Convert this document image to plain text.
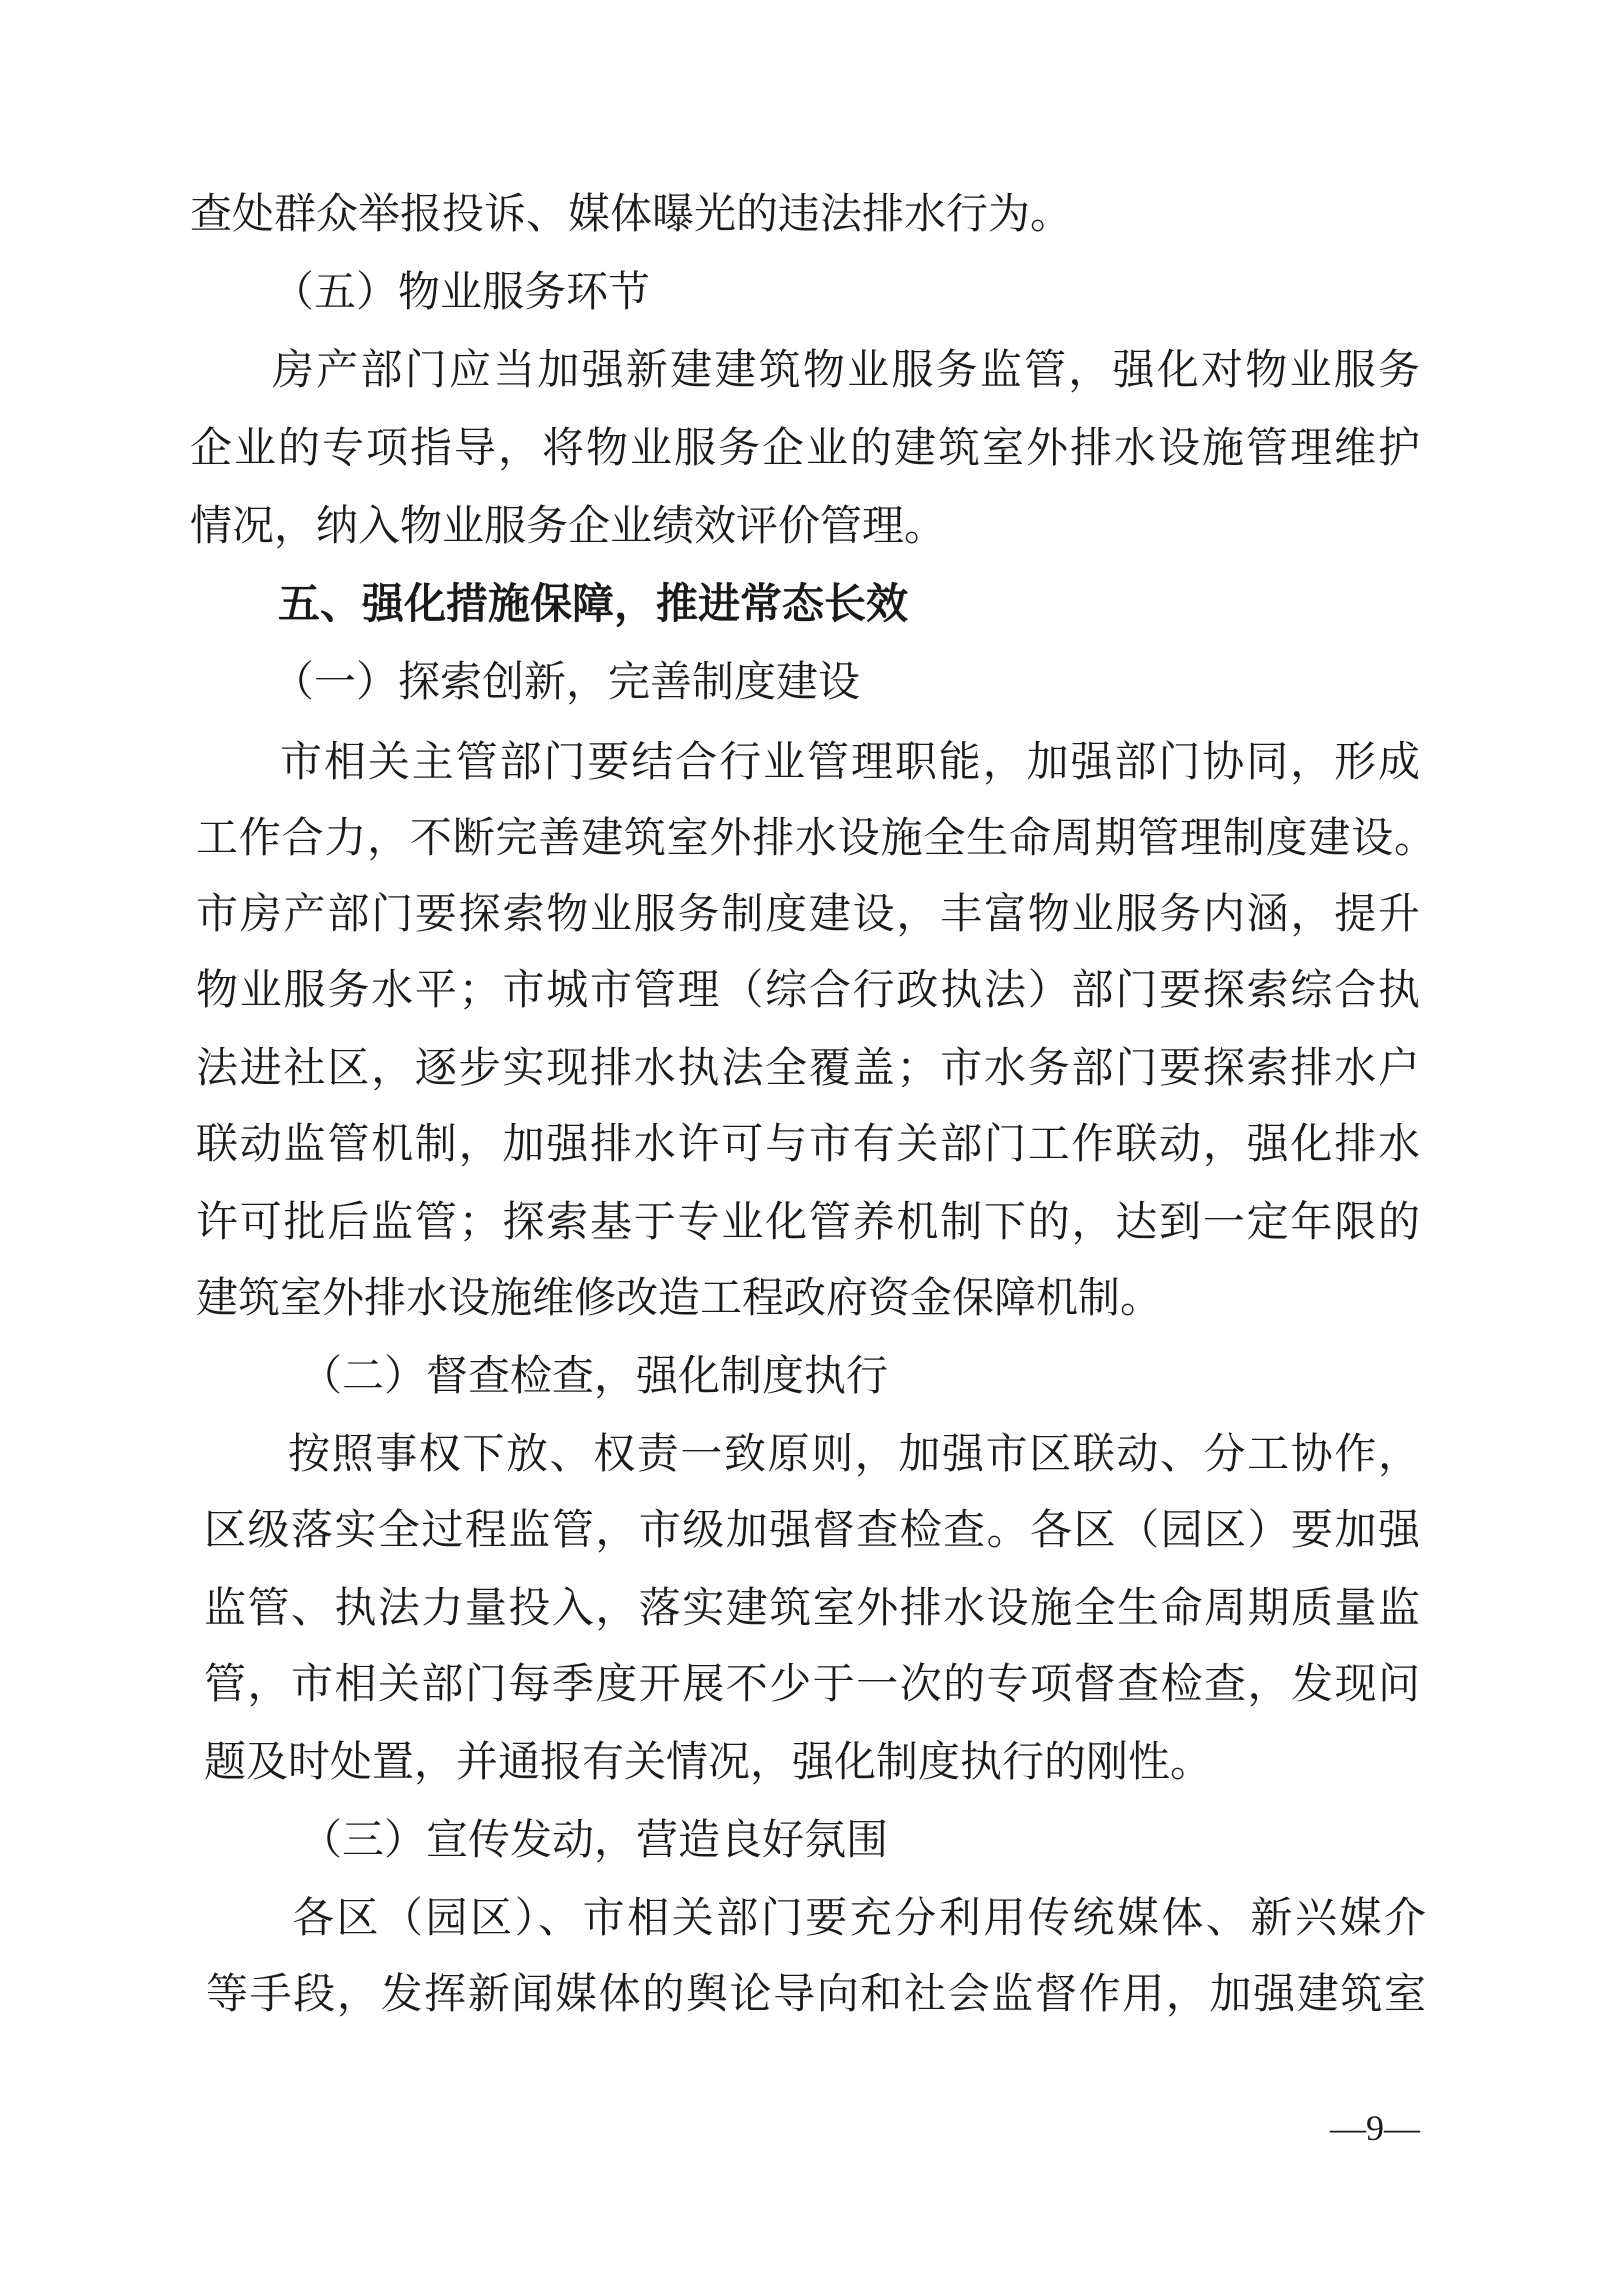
查处群众举报投诉、媒体曝光的违法排水行为。
（五）物业服务环节
房产部门应当加强新建建筑物业服务监管，强化对物业服务
企业的专项指导，将物业服务企业的建筑室外排水设施管理维护
情况，纳入物业服务企业绩效评价管理。
五、强化措施保障，推进常态长效
（一）探索创新，完善制度建设
市相关主管部门要结合行业管理职能，加强部门协同，形成
工作合力，不断完善建筑室外排水设施全生命周期管理制度建设。
市房产部门要探索物业服务制度建设，丰富物业服务内涵，提升
物业服务水平；市城市管理（综合行政执法）部门要探索综合执
法进社区，逐步实现排水执法全覆盖；市水务部门要探索排水户
联动监管机制，加强排水许可与市有关部门工作联动，强化排水
许可批后监管；探索基于专业化管养机制下的，达到一定年限的
建筑室外排水设施维修改造工程政府资金保障机制。
（二）督查检查，强化制度执行
按照事权下放、权责一致原则，加强市区联动、分工协作，
区级落实全过程监管，市级加强督查检查。各区（园区）要加强
监管、执法力量投入，落实建筑室外排水设施全生命周期质量监
管，市相关部门每季度开展不少于一次的专项督查检查，发现问
题及时处置，并通报有关情况，强化制度执行的刚性。
（三）宣传发动，营造良好氛围
各区（园区）、市相关部门要充分利用传统媒体、新兴媒介
等手段，发挥新闻媒体的舆论导向和社会监督作用，加强建筑室
—9—
